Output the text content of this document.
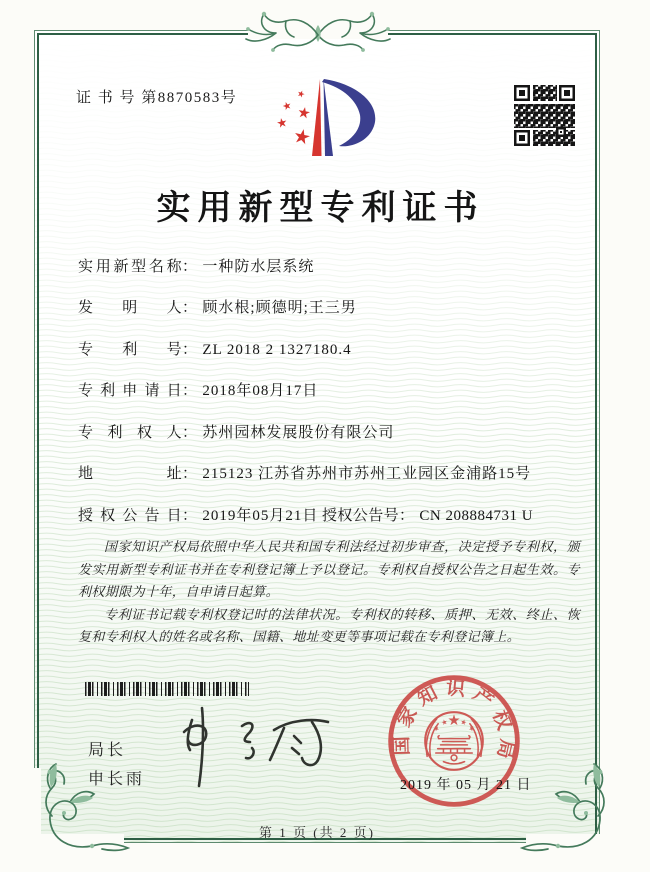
证 书 号 第8870583号
实用新型专利证书
实用新型名称： 一种防水层系统
发明人： 顾水根;顾德明;王三男
专利号： ZL 2018 2 1327180.4
专利申请日： 2018年08月17日
专利权人： 苏州园林发展股份有限公司
地址： 215123 江苏省苏州市苏州工业园区金浦路15号
授权公告日： 2019年05月21日 授权公告号： CN 208884731 U

国家知识产权局依照中华人民共和国专利法经过初步审查，决定授予专利权，颁发实用新型专利证书并在专利登记簿上予以登记。专利权自授权公告之日起生效。专利权期限为十年，自申请日起算。

专利证书记载专利权登记时的法律状况。专利权的转移、质押、无效、终止、恢复和专利权人的姓名或名称、国籍、地址变更等事项记载在专利登记簿上。

局长
申长雨
国家知识产权局
2019 年 05 月 21 日
第 1 页 (共 2 页)
